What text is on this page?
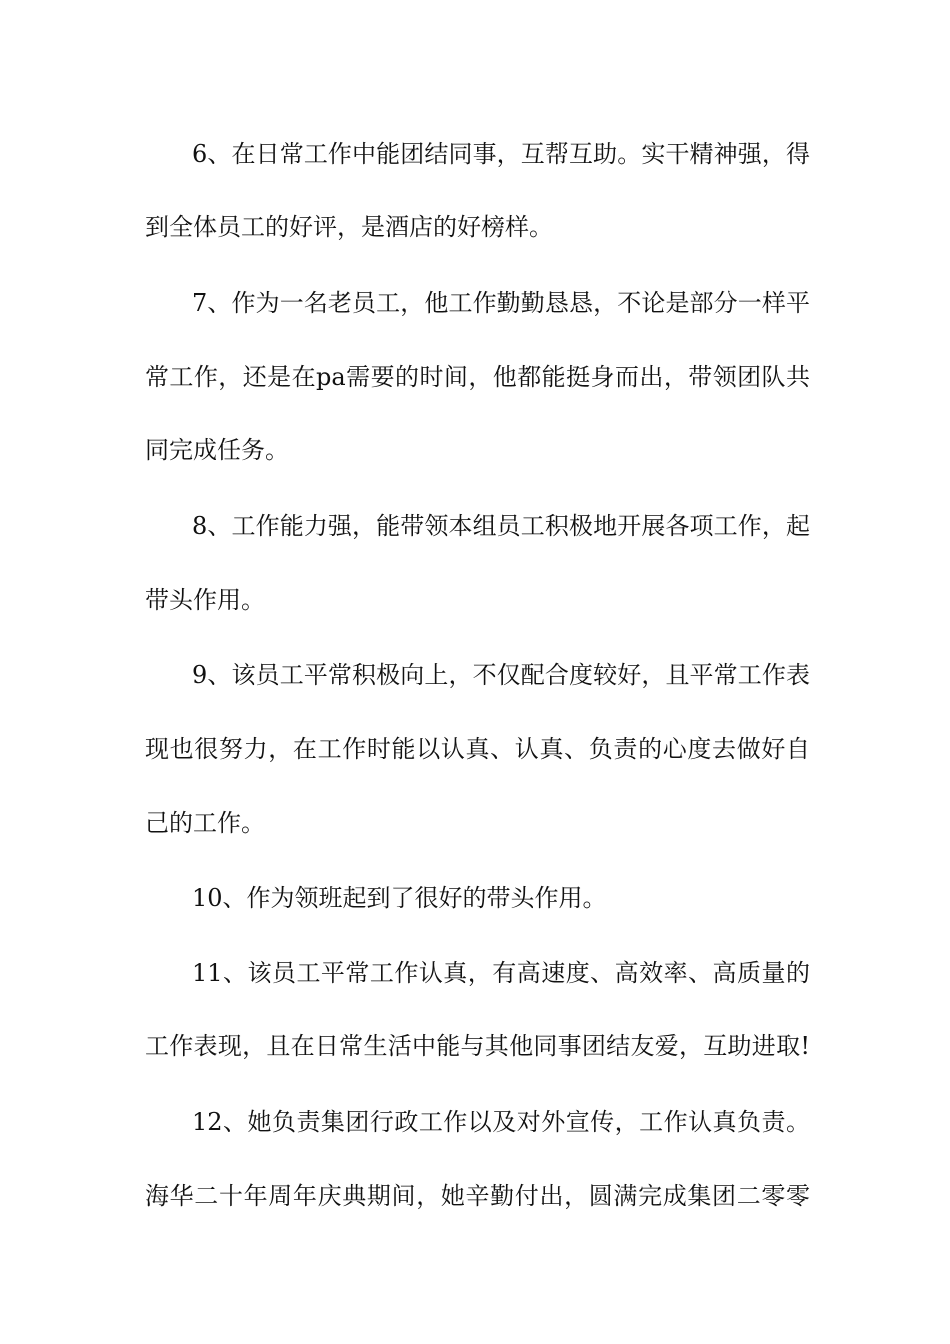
6、在日常工作中能团结同事，互帮互助。实干精神强，得
到全体员工的好评，是酒店的好榜样。
7、作为一名老员工，他工作勤勤恳恳，不论是部分一样平
常工作，还是在pa需要的时间，他都能挺身而出，带领团队共
同完成任务。
8、工作能力强，能带领本组员工积极地开展各项工作，起
带头作用。
9、该员工平常积极向上，不仅配合度较好，且平常工作表
现也很努力，在工作时能以认真、认真、负责的心度去做好自
己的工作。
10、作为领班起到了很好的带头作用。
11、该员工平常工作认真，有高速度、高效率、高质量的
工作表现，且在日常生活中能与其他同事团结友爱，互助进取!
12、她负责集团行政工作以及对外宣传，工作认真负责。
海华二十年周年庆典期间，她辛勤付出，圆满完成集团二零零
